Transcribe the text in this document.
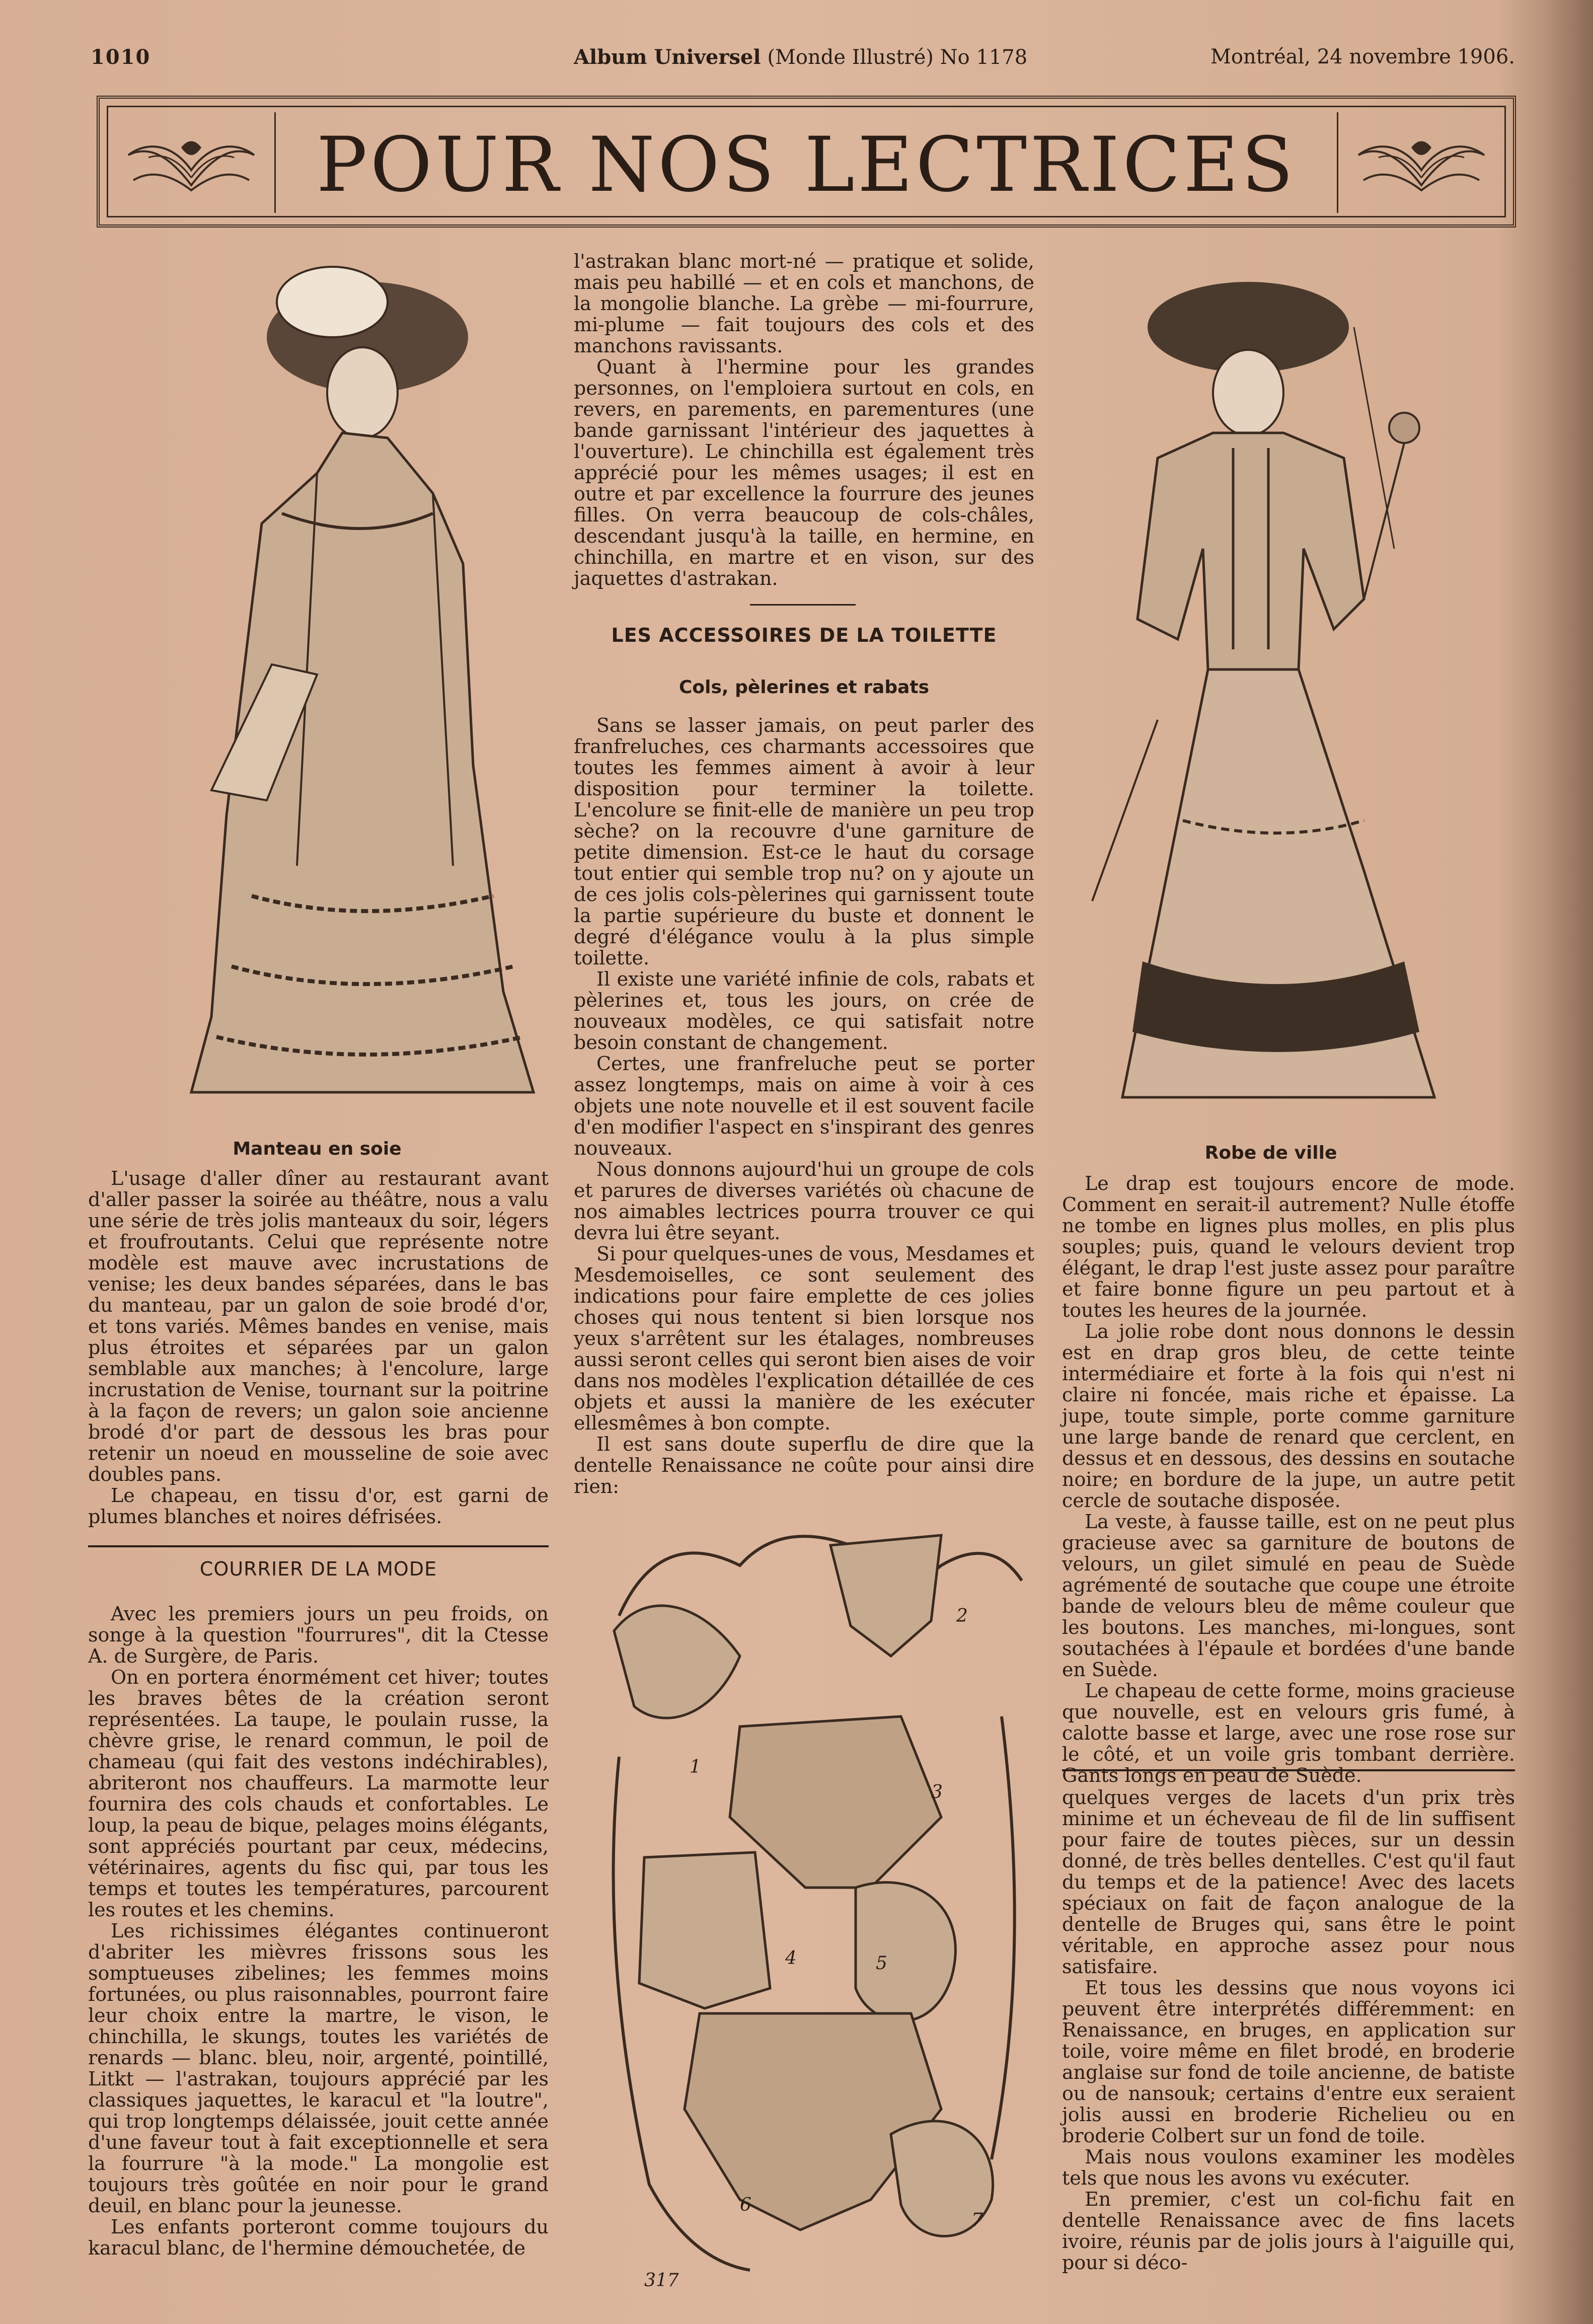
1010	Album Universel (Monde Illustré) No 1178	Montréal, 24 novembre 1906.
POUR NOS LECTRICES
Manteau en soie

L'usage d'aller dîner au restaurant avant d'aller passer la soirée au théâtre, nous a valu une série de très jolis manteaux du soir, légers et froufroutants. Celui que représente notre modèle est mauve avec incrustations de venise; les deux bandes séparées, dans le bas du manteau, par un galon de soie brodé d'or, et tons variés. Mêmes bandes en venise, mais plus étroites et séparées par un galon semblable aux manches; à l'encolure, large incrustation de Venise, tournant sur la poitrine à la façon de revers; un galon soie ancienne brodé d'or part de dessous les bras pour retenir un noeud en mousseline de soie avec doubles pans.

Le chapeau, en tissu d'or, est garni de plumes blanches et noires défrisées.

COURRIER DE LA MODE

Avec les premiers jours un peu froids, on songe à la question "fourrures", dit la Ctesse A. de Surgère, de Paris.

On en portera énormément cet hiver; toutes les braves bêtes de la création seront représentées. La taupe, le poulain russe, la chèvre grise, le renard commun, le poil de chameau (qui fait des vestons indéchirables), abriteront nos chauffeurs. La marmotte leur fournira des cols chauds et confortables. Le loup, la peau de bique, pelages moins élégants, sont appréciés pourtant par ceux, médecins, vétérinaires, agents du fisc qui, par tous les temps et toutes les températures, parcourent les routes et les chemins.

Les richissimes élégantes continueront d'abriter les mièvres frissons sous les somptueuses zibelines; les femmes moins fortunées, ou plus raisonnables, pourront faire leur choix entre la martre, le vison, le chinchilla, le skungs, toutes les variétés de renards — blanc. bleu, noir, argenté, pointillé, Litkt — l'astrakan, toujours apprécié par les classiques jaquettes, le karacul et "la loutre", qui trop longtemps délaissée, jouit cette année d'une faveur tout à fait exceptionnelle et sera la fourrure "à la mode." La mongolie est toujours très goûtée en noir pour le grand deuil, en blanc pour la jeunesse.

Les enfants porteront comme toujours du karacul blanc, de l'hermine démouchetée, de

l'astrakan blanc mort-né — pratique et solide, mais peu habillé — et en cols et manchons, de la mongolie blanche. La grèbe — mi-fourrure, mi-plume — fait toujours des cols et des manchons ravissants.

Quant à l'hermine pour les grandes personnes, on l'emploiera surtout en cols, en revers, en parements, en parementures (une bande garnissant l'intérieur des jaquettes à l'ouverture). Le chinchilla est également très apprécié pour les mêmes usages; il est en outre et par excellence la fourrure des jeunes filles. On verra beaucoup de cols-châles, descendant jusqu'à la taille, en hermine, en chinchilla, en martre et en vison, sur des jaquettes d'astrakan.

LES ACCESSOIRES DE LA TOILETTE
Cols, pèlerines et rabats

Sans se lasser jamais, on peut parler des franfreluches, ces charmants accessoires que toutes les femmes aiment à avoir à leur disposition pour terminer la toilette. L'encolure se finit-elle de manière un peu trop sèche? on la recouvre d'une garniture de petite dimension. Est-ce le haut du corsage tout entier qui semble trop nu? on y ajoute un de ces jolis cols-pèlerines qui garnissent toute la partie supérieure du buste et donnent le degré d'élégance voulu à la plus simple toilette.

Il existe une variété infinie de cols, rabats et pèlerines et, tous les jours, on crée de nouveaux modèles, ce qui satisfait notre besoin constant de changement.

Certes, une franfreluche peut se porter assez longtemps, mais on aime à voir à ces objets une note nouvelle et il est souvent facile d'en modifier l'aspect en s'inspirant des genres nouveaux.

Nous donnons aujourd'hui un groupe de cols et parures de diverses variétés où chacune de nos aimables lectrices pourra trouver ce qui devra lui être seyant.

Si pour quelques-unes de vous, Mesdames et Mesdemoiselles, ce sont seulement des indications pour faire emplette de ces jolies choses qui nous tentent si bien lorsque nos yeux s'arrêtent sur les étalages, nombreuses aussi seront celles qui seront bien aises de voir dans nos modèles l'explication détaillée de ces objets et aussi la manière de les exécuter ellesmêmes à bon compte.

Il est sans doute superflu de dire que la dentelle Renaissance ne coûte pour ainsi dire rien:

1
2
3
4	5
6
7
317
Robe de ville

Le drap est toujours encore de mode. Comment en serait-il autrement? Nulle étoffe ne tombe en lignes plus molles, en plis plus souples; puis, quand le velours devient trop élégant, le drap l'est juste assez pour paraître et faire bonne figure un peu partout et à toutes les heures de la journée.

La jolie robe dont nous donnons le dessin est en drap gros bleu, de cette teinte intermédiaire et forte à la fois qui n'est ni claire ni foncée, mais riche et épaisse. La jupe, toute simple, porte comme garniture une large bande de renard que cerclent, en dessus et en dessous, des dessins en soutache noire; en bordure de la jupe, un autre petit cercle de soutache disposée.

La veste, à fausse taille, est on ne peut plus gracieuse avec sa garniture de boutons de velours, un gilet simulé en peau de Suède agrémenté de soutache que coupe une étroite bande de velours bleu de même couleur que les boutons. Les manches, mi-longues, sont soutachées à l'épaule et bordées d'une bande en Suède.

Le chapeau de cette forme, moins gracieuse que nouvelle, est en velours gris fumé, à calotte basse et large, avec une rose rose sur le côté, et un voile gris tombant derrière. Gants longs en peau de Suède.

quelques verges de lacets d'un prix très minime et un écheveau de fil de lin suffisent pour faire de toutes pièces, sur un dessin donné, de très belles dentelles. C'est qu'il faut du temps et de la patience! Avec des lacets spéciaux on fait de façon analogue de la dentelle de Bruges qui, sans être le point véritable, en approche assez pour nous satisfaire.

Et tous les dessins que nous voyons ici peuvent être interprétés différemment: en Renaissance, en bruges, en application sur toile, voire même en filet brodé, en broderie anglaise sur fond de toile ancienne, de batiste ou de nansouk; certains d'entre eux seraient jolis aussi en broderie Richelieu ou en broderie Colbert sur un fond de toile.

Mais nous voulons examiner les modèles tels que nous les avons vu exécuter.

En premier, c'est un col-fichu fait en dentelle Renaissance avec de fins lacets ivoire, réunis par de jolis jours à l'aiguille qui, pour si déco-
